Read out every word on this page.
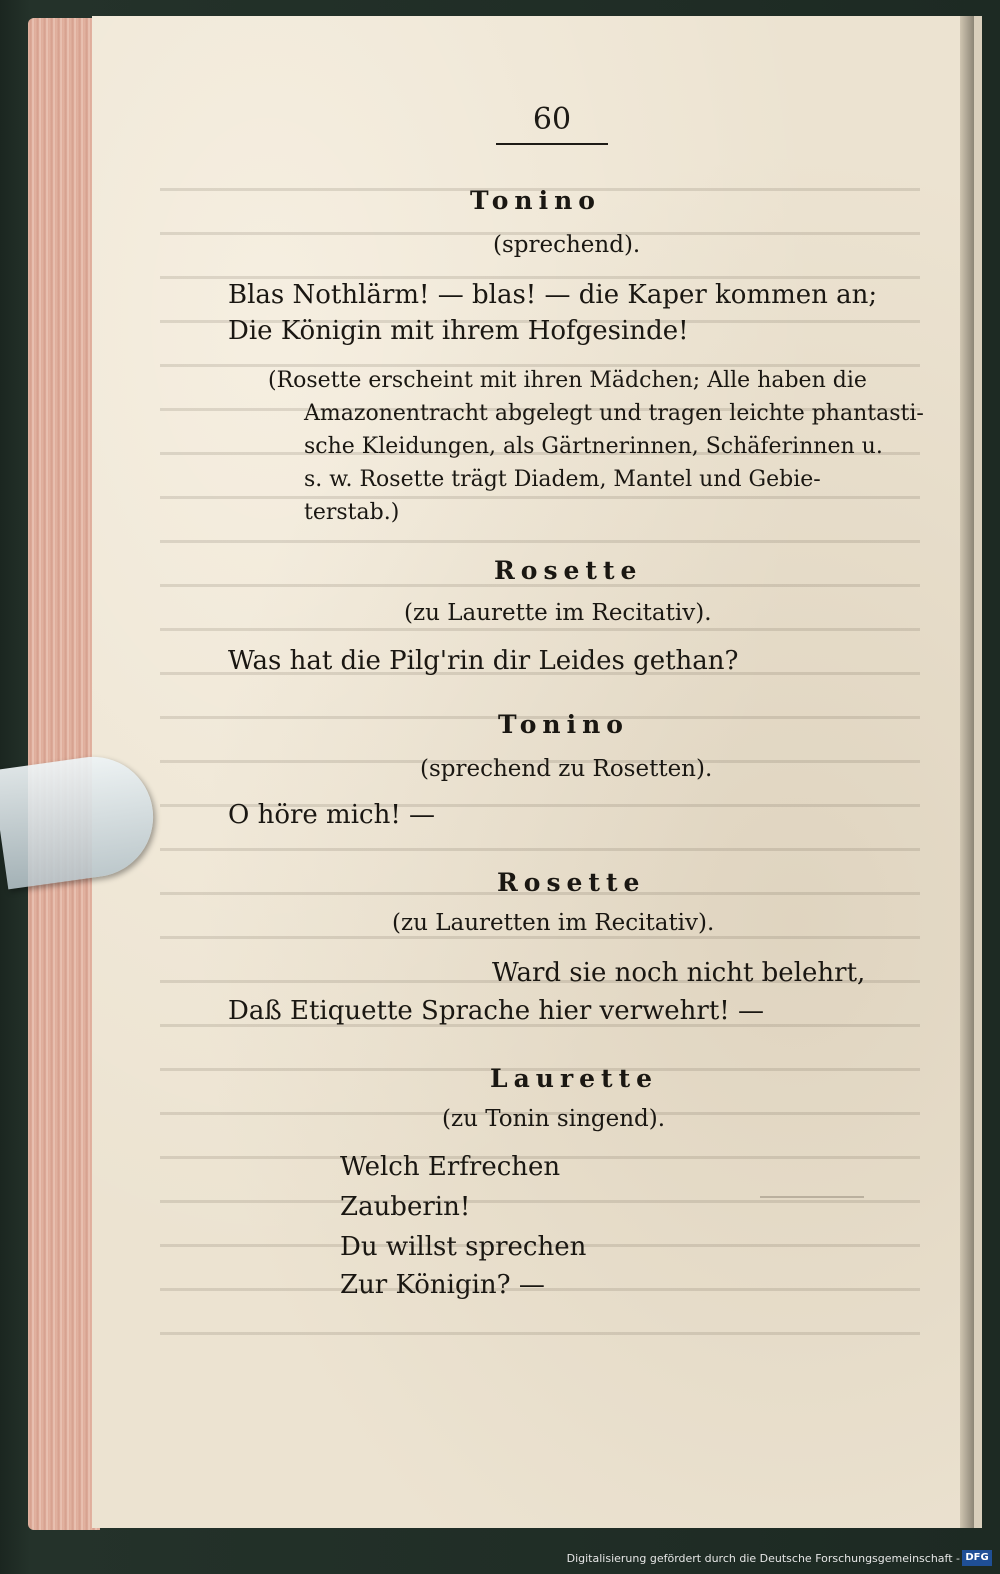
60
Tonino
(sprechend).
Blas Nothlärm! — blas! — die Kaper kommen an;
Die Königin mit ihrem Hofgesinde!
(Rosette erscheint mit ihren Mädchen; Alle haben die
Amazonentracht abgelegt und tragen leichte phantasti-
sche Kleidungen, als Gärtnerinnen, Schäferinnen u.
s. w. Rosette trägt Diadem, Mantel und Gebie-
terstab.)
Rosette
(zu Laurette im Recitativ).
Was hat die Pilg'rin dir Leides gethan?
Tonino
(sprechend zu Rosetten).
O höre mich! —
Rosette
(zu Lauretten im Recitativ).
Ward sie noch nicht belehrt,
Daß Etiquette Sprache hier verwehrt! —
Laurette
(zu Tonin singend).
Welch Erfrechen
Zauberin!
Du willst sprechen
Zur Königin? —
Digitalisierung gefördert durch die Deutsche Forschungsgemeinschaft - DFG
